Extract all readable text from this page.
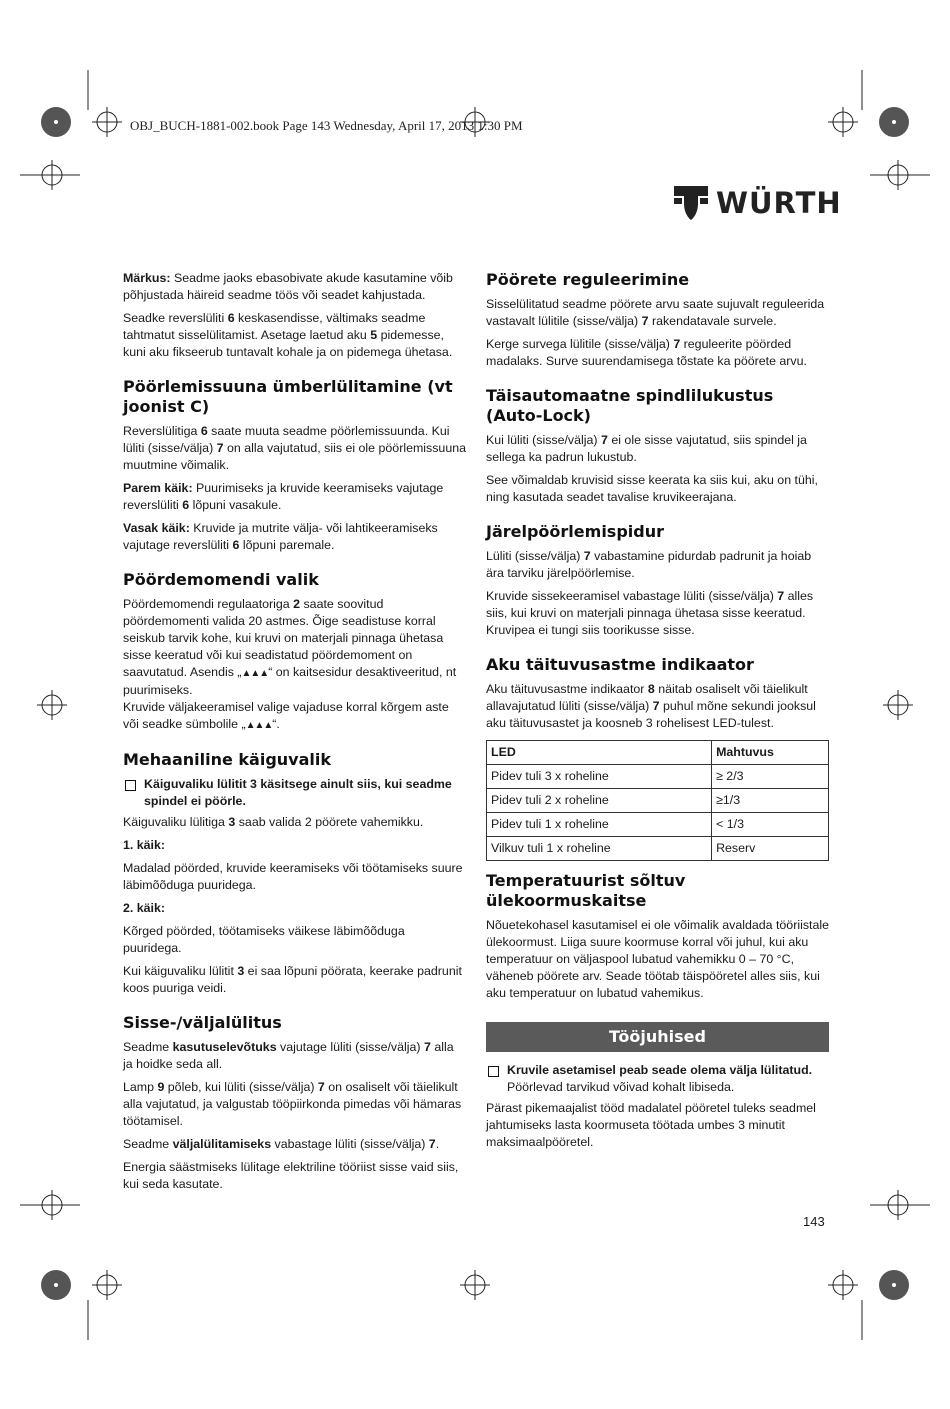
OBJ_BUCH-1881-002.book Page 143 Wednesday, April 17, 2013 1:30 PM
WÜRTH

Märkus: Seadme jaoks ebasobivate akude kasutamine võib põhjustada häireid seadme töös või seadet kahjustada.

Seadke reverslüliti 6 keskasendisse, vältimaks seadme tahtmatut sisselülitamist. Asetage laetud aku 5 pidemesse, kuni aku fikseerub tuntavalt kohale ja on pidemega ühetasa.

Pöörlemissuuna ümberlülitamine (vt joonist C)

Reverslülitiga 6 saate muuta seadme pöörlemissuunda. Kui lüliti (sisse/välja) 7 on alla vajutatud, siis ei ole pöörlemissuuna muutmine võimalik.

Parem käik: Puurimiseks ja kruvide keeramiseks vajutage reverslüliti 6 lõpuni vasakule.

Vasak käik: Kruvide ja mutrite välja- või lahtikeeramiseks vajutage reverslüliti 6 lõpuni paremale.

Pöördemomendi valik

Pöördemomendi regulaatoriga 2 saate soovitud pöördemomenti valida 20 astmes. Õige seadistuse korral seiskub tarvik kohe, kui kruvi on materjali pinnaga ühetasa sisse keeratud või kui seadistatud pöördemoment on saavutatud. Asendis „▲▲▲“ on kaitsesidur desaktiveeritud, nt puurimiseks.

Kruvide väljakeeramisel valige vajaduse korral kõrgem aste või seadke sümbolile „▲▲▲“.

Mehaaniline käiguvalik
Käiguvaliku lülitit 3 käsitsege ainult siis, kui seadme spindel ei pöörle.

Käiguvaliku lülitiga 3 saab valida 2 pöörete vahemikku.

1. käik:

Madalad pöörded, kruvide keeramiseks või töötamiseks suure läbimõõduga puuridega.

2. käik:

Kõrged pöörded, töötamiseks väikese läbimõõduga puuridega.

Kui käiguvaliku lülitit 3 ei saa lõpuni pöörata, keerake padrunit koos puuriga veidi.

Sisse-/väljalülitus

Seadme kasutuselevõtuks vajutage lüliti (sisse/välja) 7 alla ja hoidke seda all.

Lamp 9 põleb, kui lüliti (sisse/välja) 7 on osaliselt või täielikult alla vajutatud, ja valgustab tööpiirkonda pimedas või hämaras töötamisel.

Seadme väljalülitamiseks vabastage lüliti (sisse/välja) 7.

Energia säästmiseks lülitage elektriline tööriist sisse vaid siis, kui seda kasutate.

Pöörete reguleerimine

Sisselülitatud seadme pöörete arvu saate sujuvalt reguleerida vastavalt lülitile (sisse/välja) 7 rakendatavale survele.

Kerge survega lülitile (sisse/välja) 7 reguleerite pöörded madalaks. Surve suurendamisega tõstate ka pöörete arvu.

Täisautomaatne spindlilukustus (Auto-Lock)

Kui lüliti (sisse/välja) 7 ei ole sisse vajutatud, siis spindel ja sellega ka padrun lukustub.

See võimaldab kruvisid sisse keerata ka siis kui, aku on tühi, ning kasutada seadet tavalise kruvikeerajana.

Järelpöörlemispidur

Lüliti (sisse/välja) 7 vabastamine pidurdab padrunit ja hoiab ära tarviku järelpöörlemise.

Kruvide sissekeeramisel vabastage lüliti (sisse/välja) 7 alles siis, kui kruvi on materjali pinnaga ühetasa sisse keeratud. Kruvipea ei tungi siis toorikusse sisse.

Aku täituvusastme indikaator

Aku täituvusastme indikaator 8 näitab osaliselt või täielikult allavajutatud lüliti (sisse/välja) 7 puhul mõne sekundi jooksul aku täituvusastet ja koosneb 3 rohelisest LED-tulest.

LED	Mahtuvus
Pidev tuli 3 x roheline	≥ 2/3
Pidev tuli 2 x roheline	≥1/3
Pidev tuli 1 x roheline	< 1/3
Vilkuv tuli 1 x roheline	Reserv
Temperatuurist sõltuv ülekoormuskaitse

Nõuetekohasel kasutamisel ei ole võimalik avaldada tööriistale ülekoormust. Liiga suure koormuse korral või juhul, kui aku temperatuur on väljaspool lubatud vahemikku 0 – 70 °C, väheneb pöörete arv. Seade töötab täispööretel alles siis, kui aku temperatuur on lubatud vahemikus.

Tööjuhised
Kruvile asetamisel peab seade olema välja lülitatud. Pöörlevad tarvikud võivad kohalt libiseda.

Pärast pikemaajalist tööd madalatel pööretel tuleks seadmel jahtumiseks lasta koormuseta töötada umbes 3 minutit maksimaalpööretel.

143
